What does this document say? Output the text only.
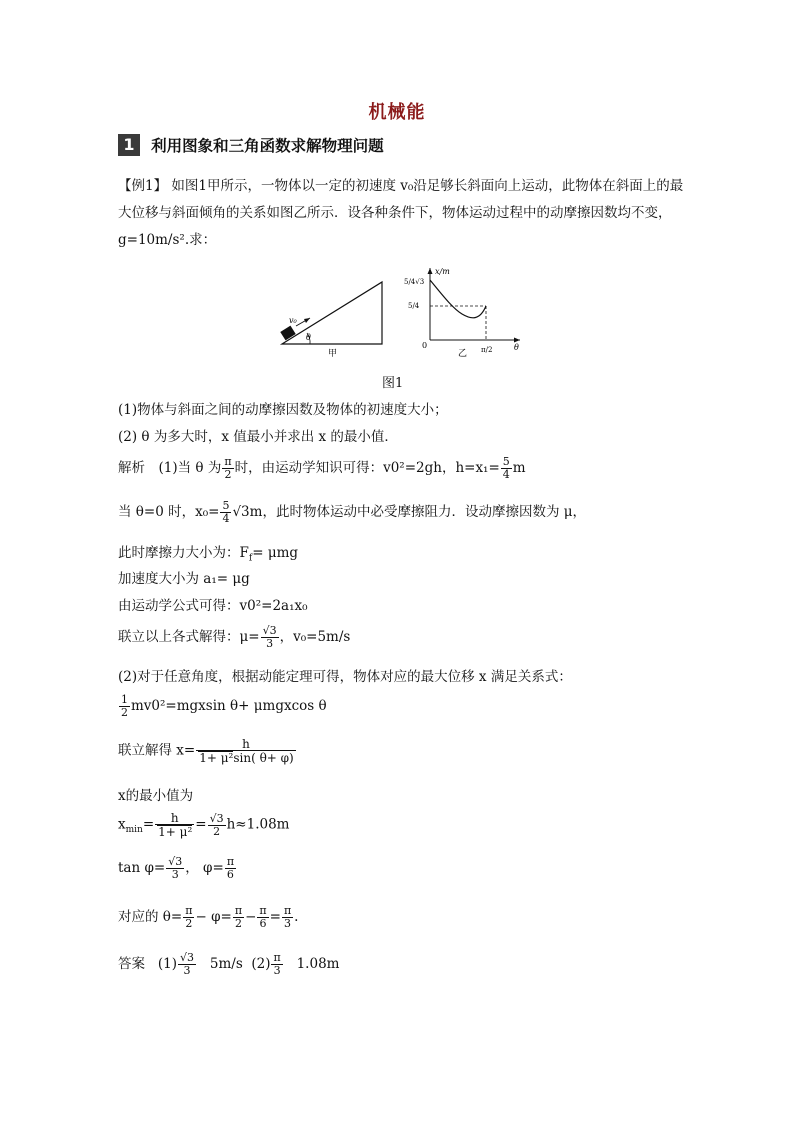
机械能
1 利用图象和三角函数求解物理问题
【例1】 如图1甲所示，一物体以一定的初速度 v₀沿足够长斜面向上运动，此物体在斜面上的最大位移与斜面倾角的关系如图乙所示．设各种条件下，物体运动过程中的动摩擦因数均不变，g=10m/s².求：
v₀
θ
甲
x/m
θ
0
5/4√3
5/4
π/2
乙
图1
(1)物体与斜面之间的动摩擦因数及物体的初速度大小；
(2) θ 为多大时，x 值最小并求出 x 的最小值．
解析　(1)当 θ 为 $\frac{\pi}{2}$ 时，由运动学知识可得：v0²=2gh，$h=x_1= \frac{5}{4}$ m
当 θ=0 时，$x_0= \frac{5}{4} √3m$，此时物体运动中必受摩擦阻力．设动摩擦因数为 μ，
此时摩擦力大小为：$F_f= \mu mg$
加速度大小为 a₁= μg
由运动学公式可得：v0²=2a₁x₀
联立以上各式解得：$\mu= \frac{√3}{3}$ ，v₀=5m/s
(2)对于任意角度，根据动能定理可得，物体对应的最大位移 x 满足关系式：
$\frac{1}{2} mv0^2=mgxsin$ θ+ μmgxcos θ
联立解得 $x= \frac{h}{\text{1+ μ²sin( θ+ φ)}}$
x的最小值为
$x_{min}= \frac{h}{\text{1+ μ²}} = \frac{√3}{2} h\approx 1.08m$
$\tan \varphi= \frac{√3}{3}$ ， $\varphi= \frac{\pi}{6}$
对应的 $\theta= \frac{\pi}{2} - \varphi= \frac{\pi}{2} - \frac{\pi}{6} = \frac{\pi}{3}$ .
答案 $(1) \frac{√3}{3} 5m/s$ $(2) \frac{\pi}{3} 1.08m$
